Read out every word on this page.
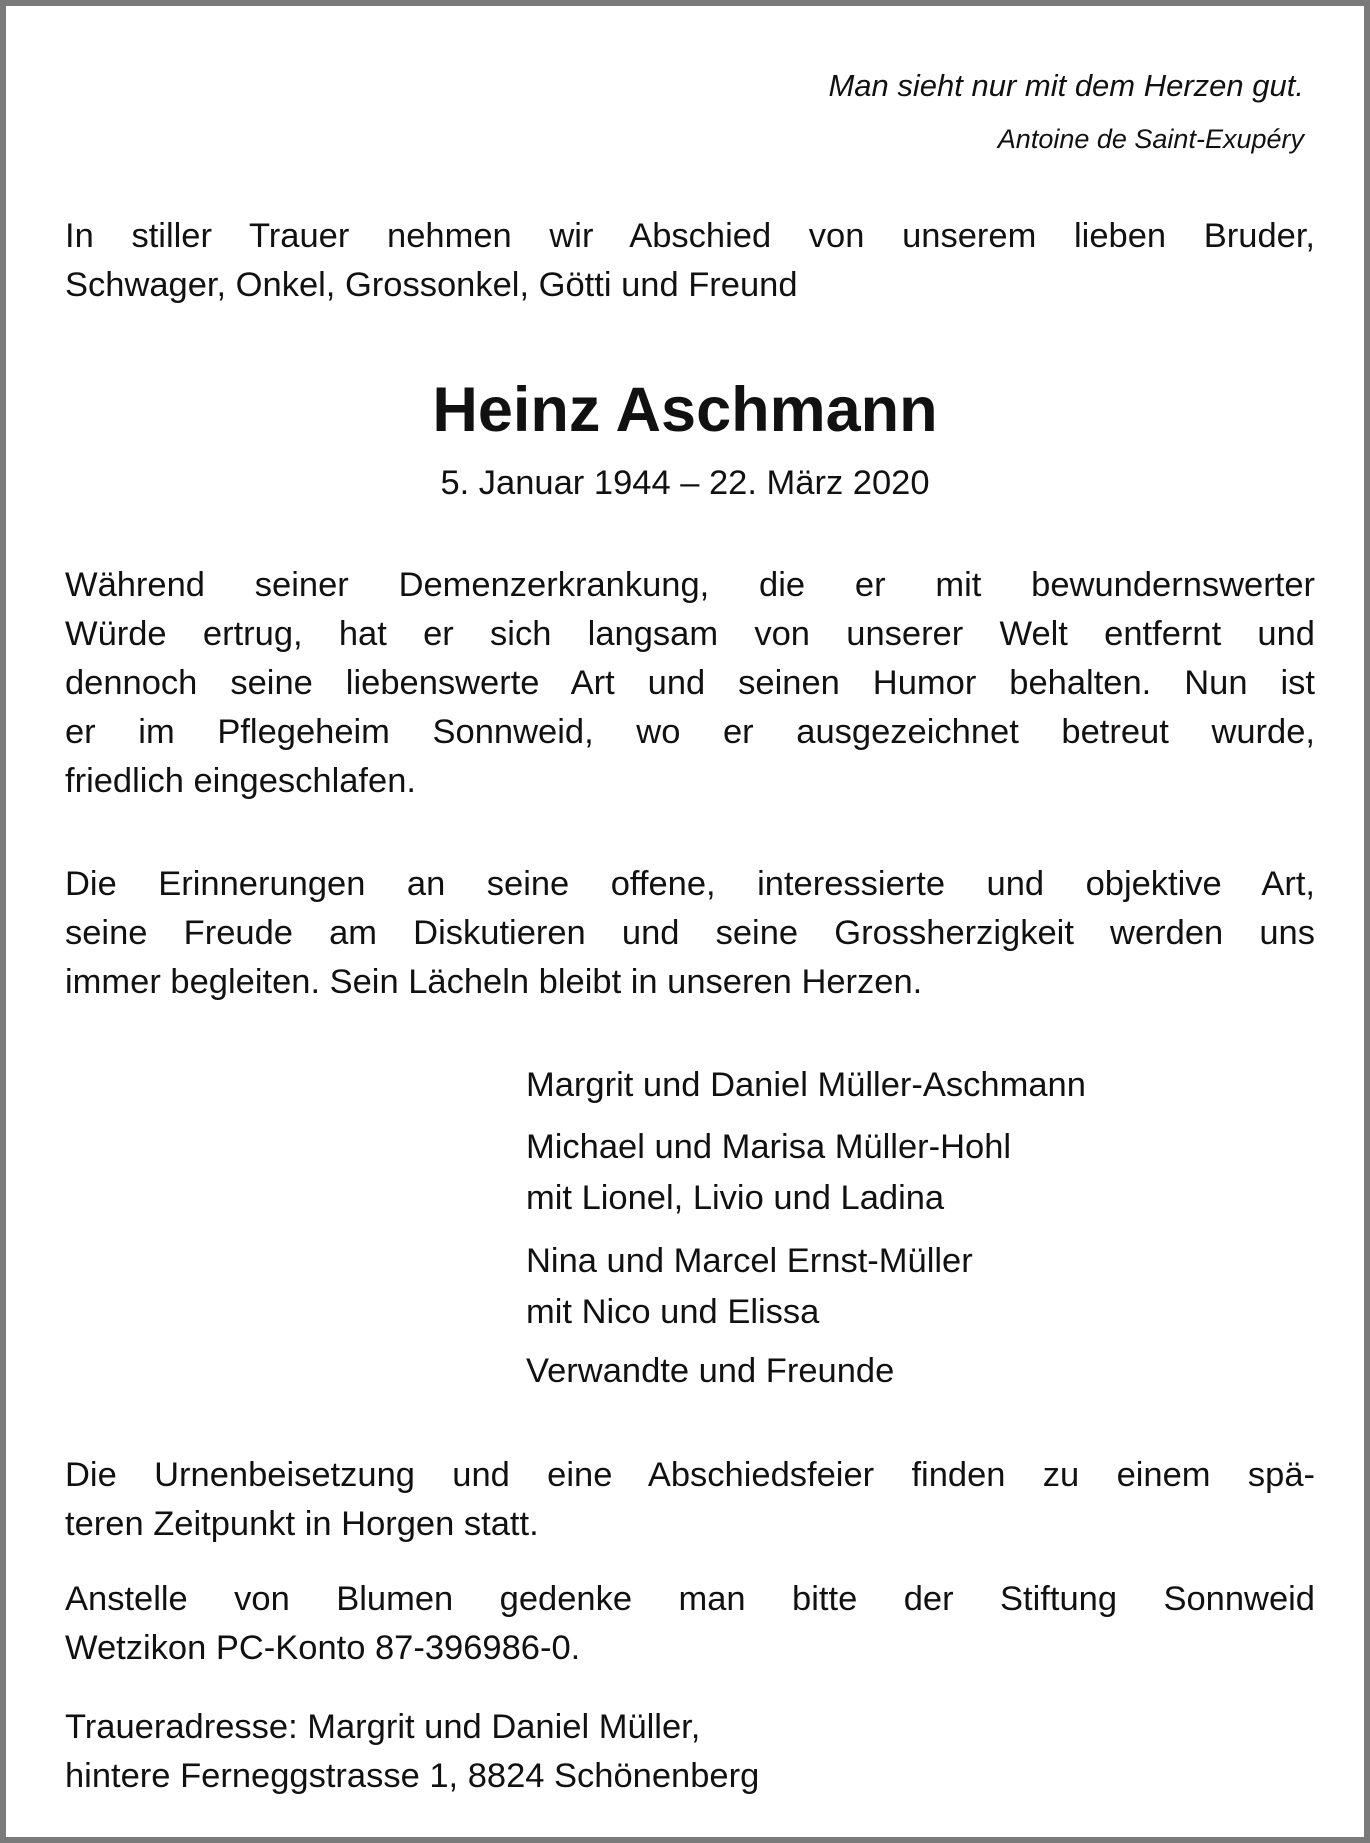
Man sieht nur mit dem Herzen gut.
Antoine de Saint-Exupéry
In stiller Trauer nehmen wir Abschied von unserem lieben Bruder,
Schwager, Onkel, Grossonkel, Götti und Freund
Heinz Aschmann
5. Januar 1944 – 22. März 2020
Während seiner Demenzerkrankung, die er mit bewundernswerter
Würde ertrug, hat er sich langsam von unserer Welt entfernt und
dennoch seine liebenswerte Art und seinen Humor behalten. Nun ist
er im Pflegeheim Sonnweid, wo er ausgezeichnet betreut wurde,
friedlich eingeschlafen.
Die Erinnerungen an seine offene, interessierte und objektive Art,
seine Freude am Diskutieren und seine Grossherzigkeit werden uns
immer begleiten. Sein Lächeln bleibt in unseren Herzen.
Margrit und Daniel Müller-Aschmann
Michael und Marisa Müller-Hohl
mit Lionel, Livio und Ladina
Nina und Marcel Ernst-Müller
mit Nico und Elissa
Verwandte und Freunde
Die Urnenbeisetzung und eine Abschiedsfeier finden zu einem spä-
teren Zeitpunkt in Horgen statt.
Anstelle von Blumen gedenke man bitte der Stiftung Sonnweid
Wetzikon PC-Konto 87-396986-0.
Traueradresse: Margrit und Daniel Müller,
hintere Ferneggstrasse 1, 8824 Schönenberg
